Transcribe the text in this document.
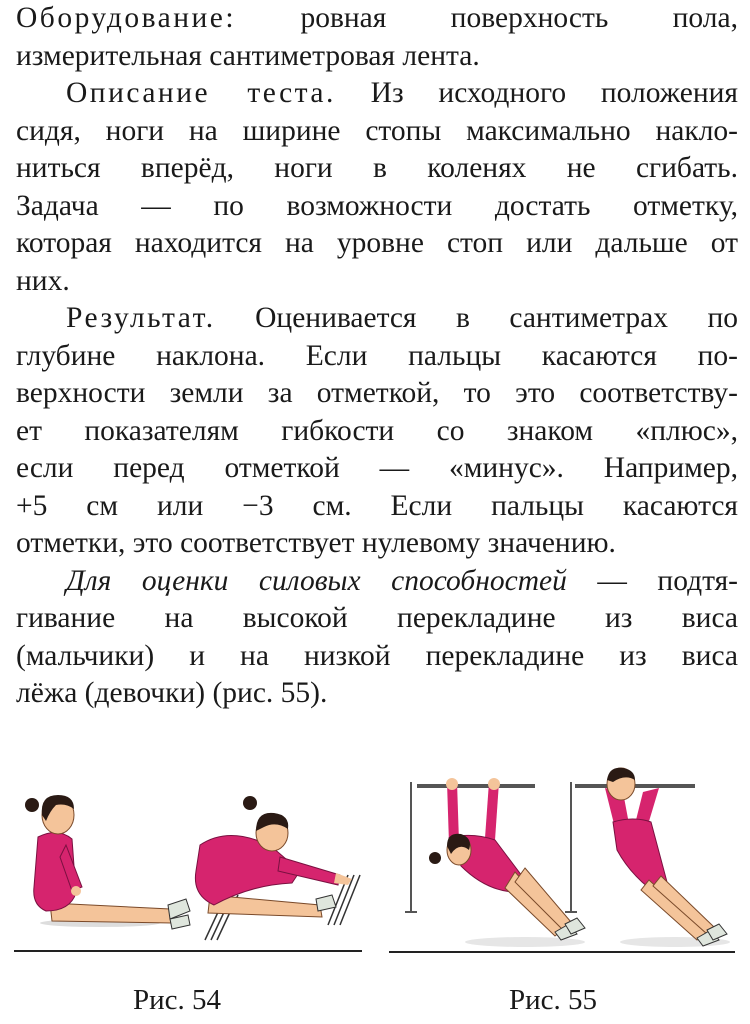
Оборудование: ровная поверхность пола,
измерительная сантиметровая лента.

Описание теста. Из исходного положения
сидя, ноги на ширине стопы максимально накло-
ниться вперёд, ноги в коленях не сгибать.
Задача — по возможности достать отметку,
которая находится на уровне стоп или дальше от
них.

Результат. Оценивается в сантиметрах по
глубине наклона. Если пальцы касаются по-
верхности земли за отметкой, то это соответству-
ет показателям гибкости со знаком «плюс»,
если перед отметкой — «минус». Например,
+5 см или −3 см. Если пальцы касаются
отметки, это соответствует нулевому значению.

Для оценки силовых способностей — подтя-
гивание на высокой перекладине из виса
(мальчики) и на низкой перекладине из виса
лёжа (девочки) (рис. 55).

Рис. 54	Рис. 55
